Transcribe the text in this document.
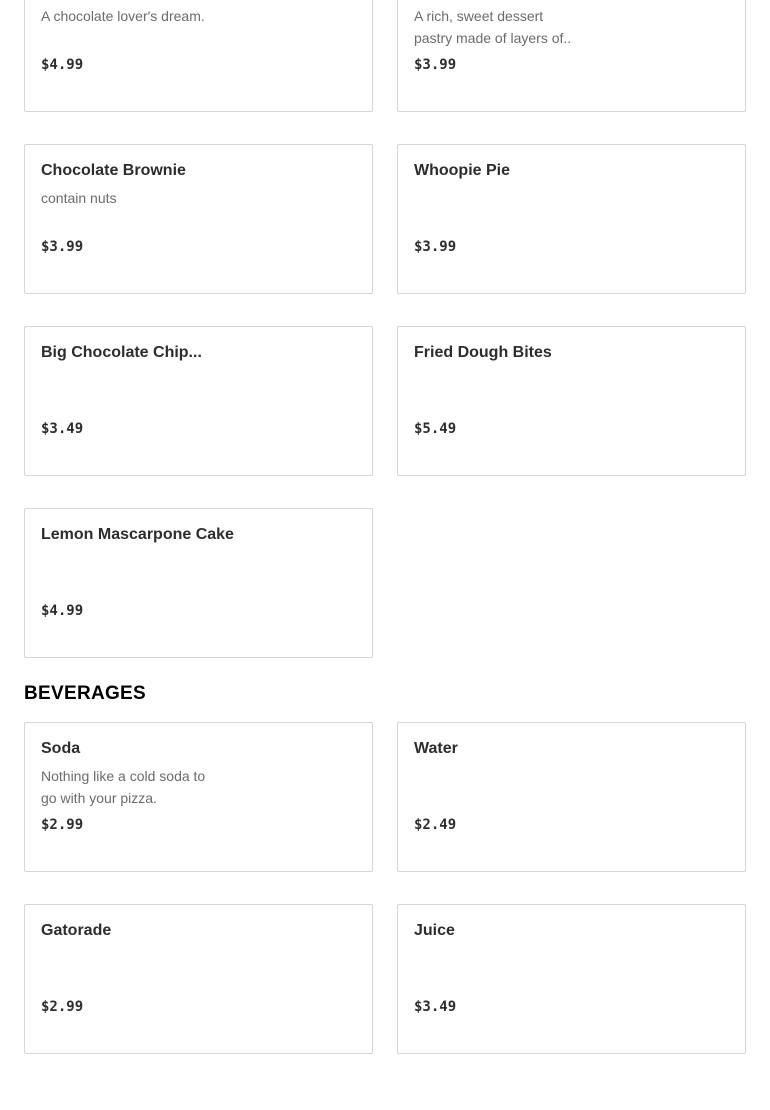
A chocolate lover's dream.
$4.99
A rich, sweet dessert pastry made of layers of..
$3.99
Chocolate Brownie
contain nuts
$3.99
Whoopie Pie
$3.99
Big Chocolate Chip...
$3.49
Fried Dough Bites
$5.49
Lemon Mascarpone Cake
$4.99
BEVERAGES
Soda
Nothing like a cold soda to go with your pizza.
$2.99
Water
$2.49
Gatorade
$2.99
Juice
$3.49
